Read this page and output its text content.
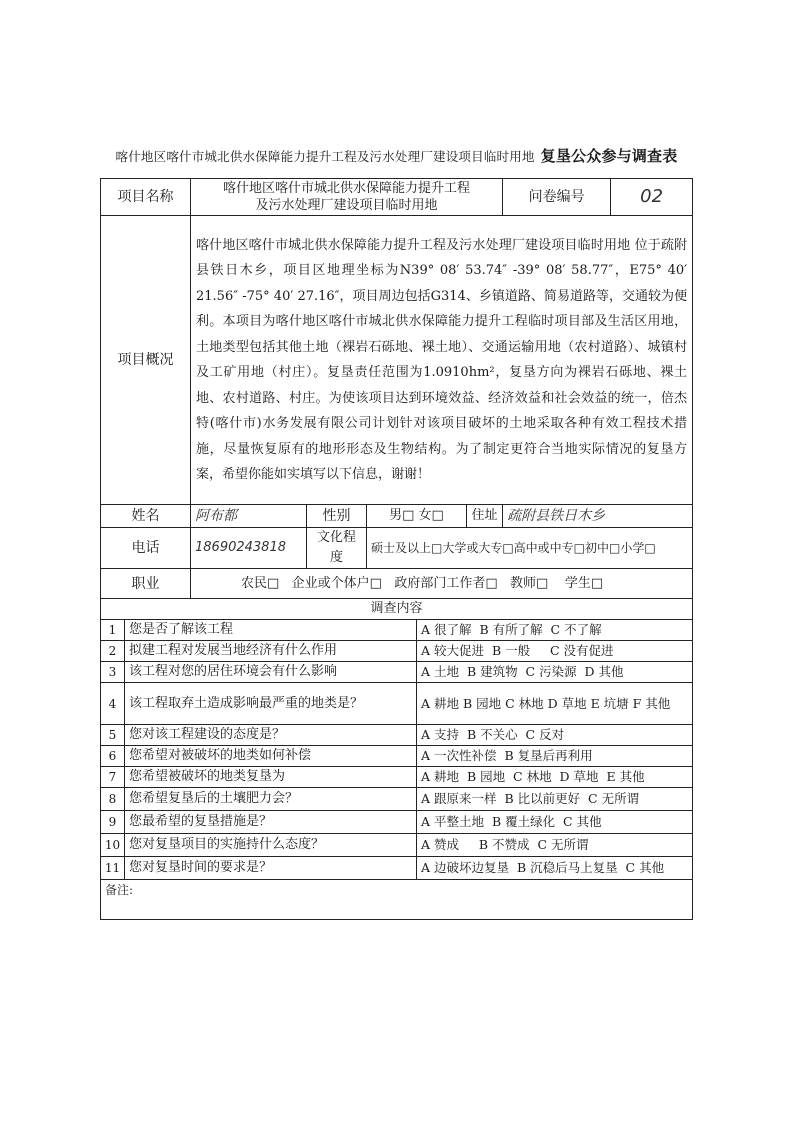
喀什地区喀什市城北供水保障能力提升工程及污水处理厂建设项目临时用地 复垦公众参与调查表
项目名称		喀什地区喀什市城北供水保障能力提升工程及污水处理厂建设项目临时用地					问卷编号	02
项目概况		喀什地区喀什市城北供水保障能力提升工程及污水处理厂建设项目临时用地 位于疏附县铁日木乡，项目区地理坐标为N39° 08′ 53.74″ -39° 08′ 58.77″，E75° 40′ 21.56″ -75° 40′ 27.16″，项目周边包括G314、乡镇道路、简易道路等，交通较为便利。本项目为喀什地区喀什市城北供水保障能力提升工程临时项目部及生活区用地，土地类型包括其他土地（裸岩石砾地、裸土地）、交通运输用地（农村道路）、城镇村及工矿用地（村庄）。复垦责任范围为1.0910hm²，复垦方向为裸岩石砾地、裸土地、农村道路、村庄。为使该项目达到环境效益、经济效益和社会效益的统一，倍杰特(喀什市)水务发展有限公司计划针对该项目破坏的土地采取各种有效工程技术措施，尽量恢复原有的地形形态及生物结构。为了制定更符合当地实际情况的复垦方案，希望你能如实填写以下信息，谢谢！						
姓名		阿布都	性别	男□ 女□		住址	疏附县铁日木乡	
电话		18690243818	文化程度	硕士及以上□大学或大专□高中或中专□初中□小学□				
职业		农民□   企业或个体户□   政府部门工作者□   教师□    学生□						
调查内容								
1	您是否了解该工程				A 很了解  B 有所了解  C 不了解			
2	拟建工程对发展当地经济有什么作用				A 较大促进  B 一般     C 没有促进			
3	该工程对您的居住环境会有什么影响				A 土地  B 建筑物  C 污染源  D 其他			
4	该工程取弃土造成影响最严重的地类是？				A 耕地 B 园地 C 林地 D 草地 E 坑塘 F 其他			
5	您对该工程建设的态度是？				A 支持  B 不关心  C 反对			
6	您希望对被破坏的地类如何补偿				A 一次性补偿  B 复垦后再利用			
7	您希望被破坏的地类复垦为				A 耕地  B 园地  C 林地  D 草地  E 其他			
8	您希望复垦后的土壤肥力会？				A 跟原来一样  B 比以前更好  C 无所谓			
9	您最希望的复垦措施是？				A 平整土地  B 覆土绿化  C 其他			
10	您对复垦项目的实施持什么态度？				A 赞成     B 不赞成  C 无所谓			
11	您对复垦时间的要求是？				A 边破坏边复垦  B 沉稳后马上复垦  C 其他			
备注:								
